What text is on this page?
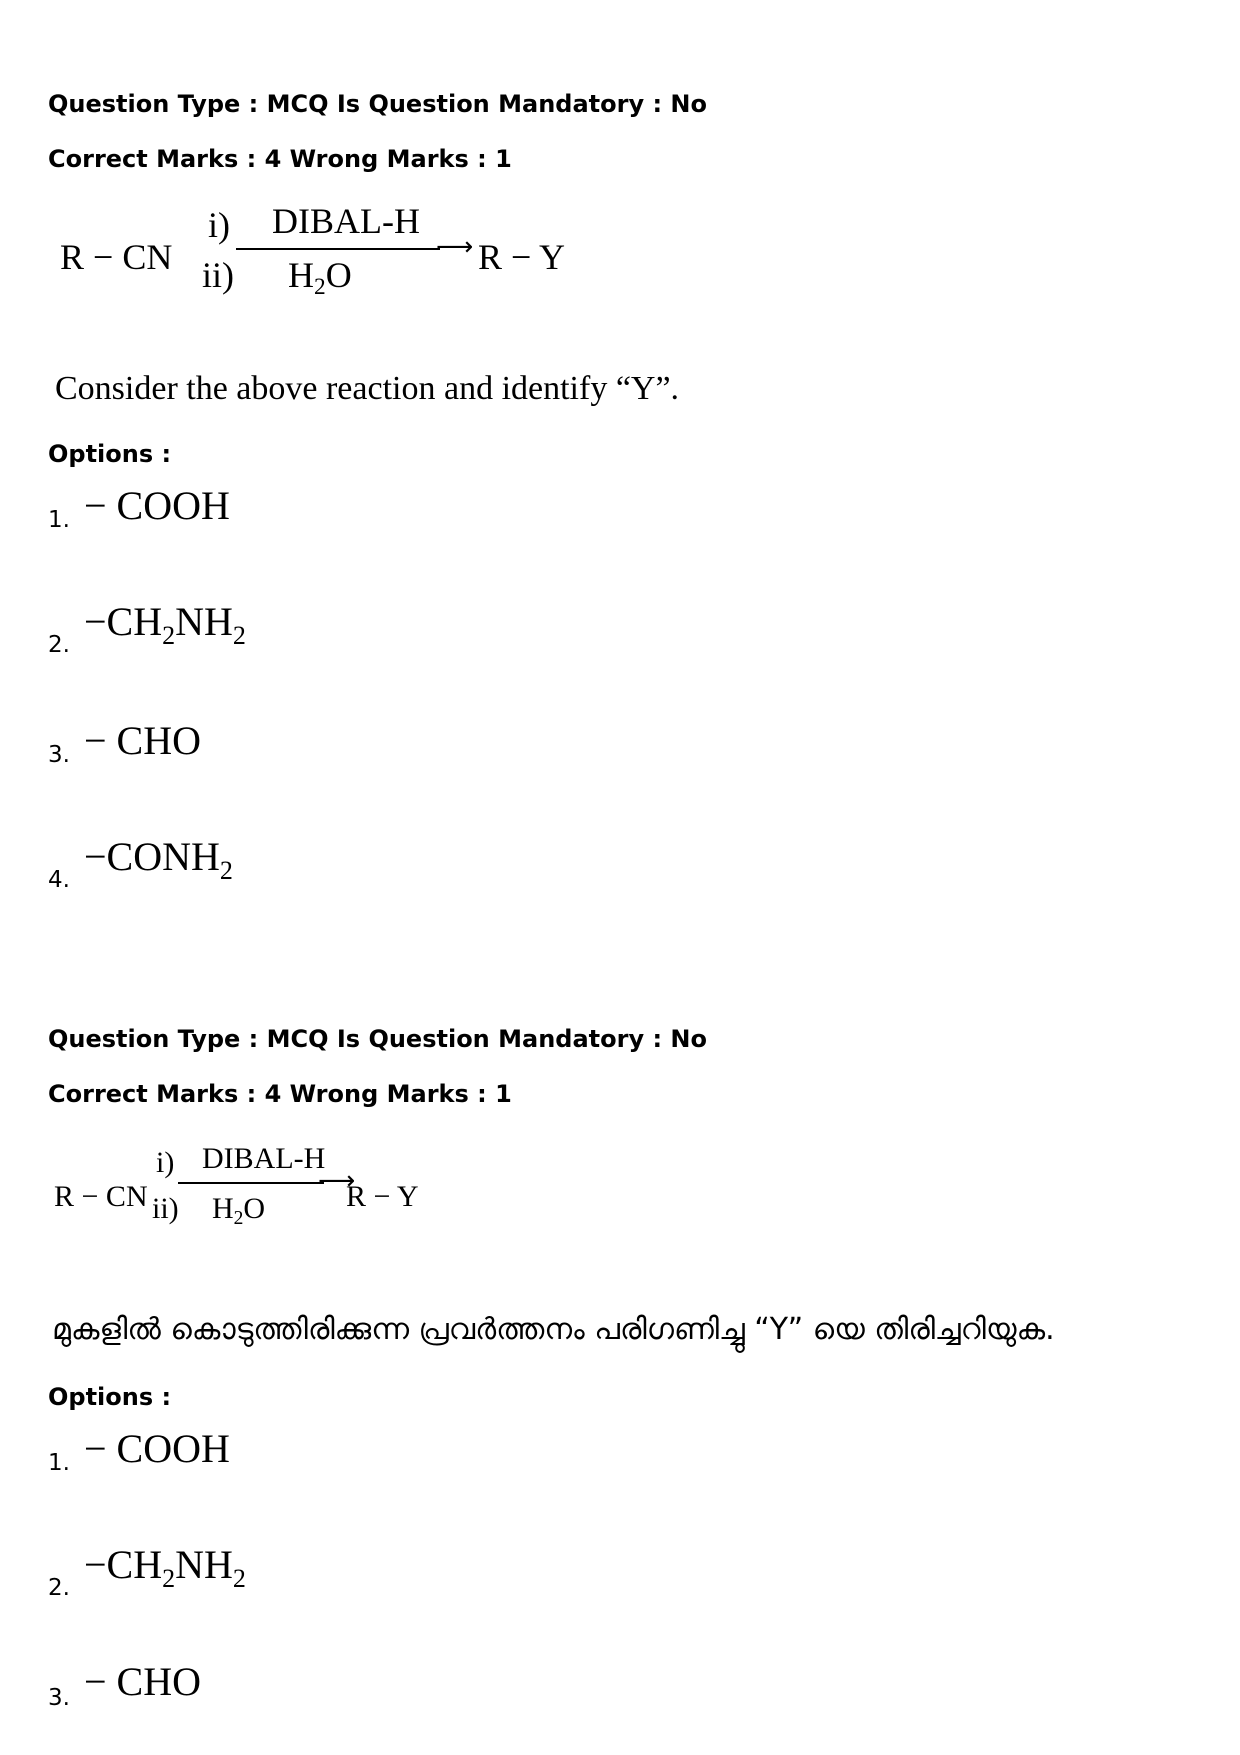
Question Type : MCQ Is Question Mandatory : No
Correct Marks : 4 Wrong Marks : 1
R − CN
i) DIBAL-H
⟶
ii) $H_2O$	R − Y
Consider the above reaction and identify “Y”.
Options :
1. − COOH
2.
$-CH_2NH_2$
3. − CHO
4.
$-CONH_2$
Question Type : MCQ Is Question Mandatory : No
Correct Marks : 4 Wrong Marks : 1
R − CN
i) DIBAL-H
⟶
ii) $H_2O$	R − Y
മുകളിൽ കൊടുത്തിരിക്കുന്ന പ്രവർത്തനം പരിഗണിച്ചു “Y” യെ തിരിച്ചറിയുക.
Options :
1. − COOH
2.
$-CH_2NH_2$
3. − CHO
